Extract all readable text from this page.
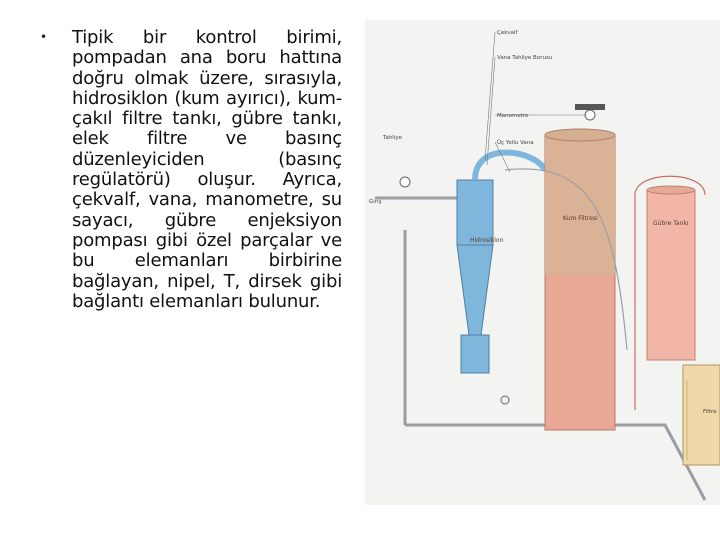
• Tipik bir kontrol birimi, pompadan ana boru hattına doğru olmak üzere, sırasıyla, hidrosiklon (kum ayırıcı), kum-çakıl filtre tankı, gübre tankı, elek filtre ve basınç düzenleyiciden (basınç regülatörü) oluşur. Ayrıca, çekvalf, vana, manometre, su sayacı, gübre enjeksiyon pompası gibi özel parçalar ve bu elemanları birbirine bağlayan, nipel, T, dirsek gibi bağlantı elemanları bulunur.

Çekvalf
Vana Tahliye Borusu
Manometre
Üç Yollu Vana
Tahliye
Giriş
Hidrosiklon
Kum Filtresi
Gübre Tankı
Filtre
